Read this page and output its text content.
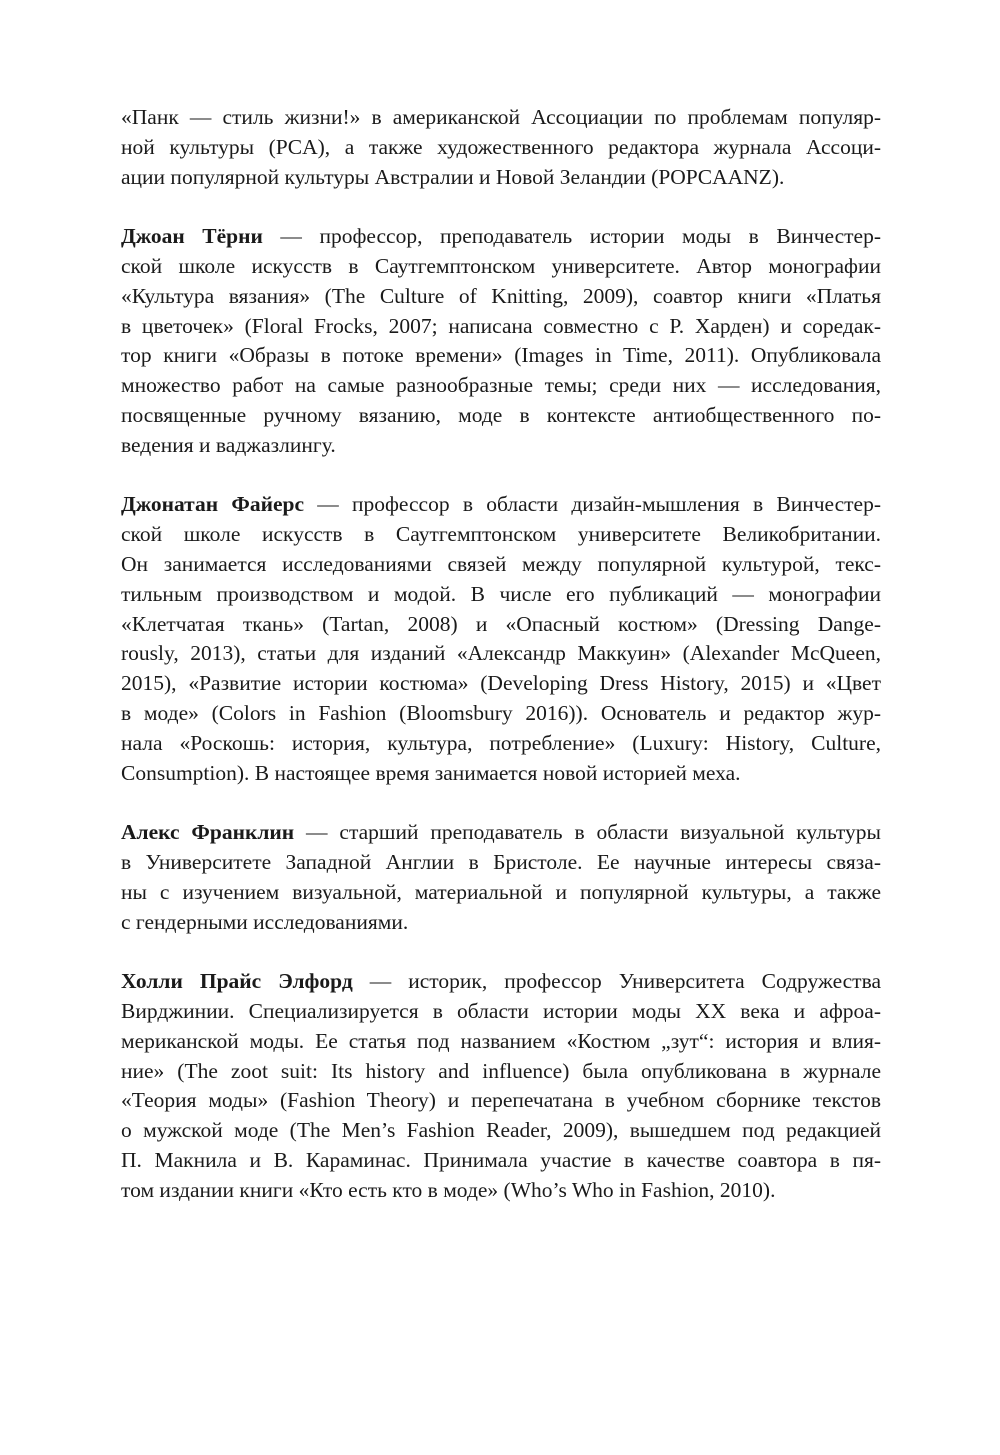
«Панк — стиль жизни!» в американской Ассоциации по проблемам популяр-
ной культуры (PCA), а также художественного редактора журнала Ассоци-
ации популярной культуры Австралии и Новой Зеландии (POPCAANZ).
Джоан Тёрни — профессор, преподаватель истории моды в Винчестер-
ской школе искусств в Саутгемптонском университете. Автор монографии
«Культура вязания» (The Culture of Knitting, 2009), соавтор книги «Платья
в цветочек» (Floral Frocks, 2007; написана совместно с Р. Харден) и соредак-
тор книги «Образы в потоке времени» (Images in Time, 2011). Опубликовала
множество работ на самые разнообразные темы; среди них — исследования,
посвященные ручному вязанию, моде в контексте антиобщественного по-
ведения и ваджазлингу.
Джонатан Файерс — профессор в области дизайн-мышления в Винчестер-
ской школе искусств в Саутгемптонском университете Великобритании.
Он занимается исследованиями связей между популярной культурой, текс-
тильным производством и модой. В числе его публикаций — монографии
«Клетчатая ткань» (Tartan, 2008) и «Опасный костюм» (Dressing Dange-
rously, 2013), статьи для изданий «Александр Маккуин» (Alexander McQueen,
2015), «Развитие истории костюма» (Developing Dress History, 2015) и «Цвет
в моде» (Colors in Fashion (Bloomsbury 2016)). Основатель и редактор жур-
нала «Роскошь: история, культура, потребление» (Luxury: History, Culture,
Consumption). В настоящее время занимается новой историей меха.
Алекс Франклин — старший преподаватель в области визуальной культуры
в Университете Западной Англии в Бристоле. Ее научные интересы связа-
ны с изучением визуальной, материальной и популярной культуры, а также
с гендерными исследованиями.
Холли Прайс Элфорд — историк, профессор Университета Содружества
Вирджинии. Специализируется в области истории моды XX века и афроа-
мериканской моды. Ее статья под названием «Костюм „зут“: история и влия-
ние» (The zoot suit: Its history and influence) была опубликована в журнале
«Теория моды» (Fashion Theory) и перепечатана в учебном сборнике текстов
о мужской моде (The Men’s Fashion Reader, 2009), вышедшем под редакцией
П. Макнила и В. Караминас. Принимала участие в качестве соавтора в пя-
том издании книги «Кто есть кто в моде» (Who’s Who in Fashion, 2010).
